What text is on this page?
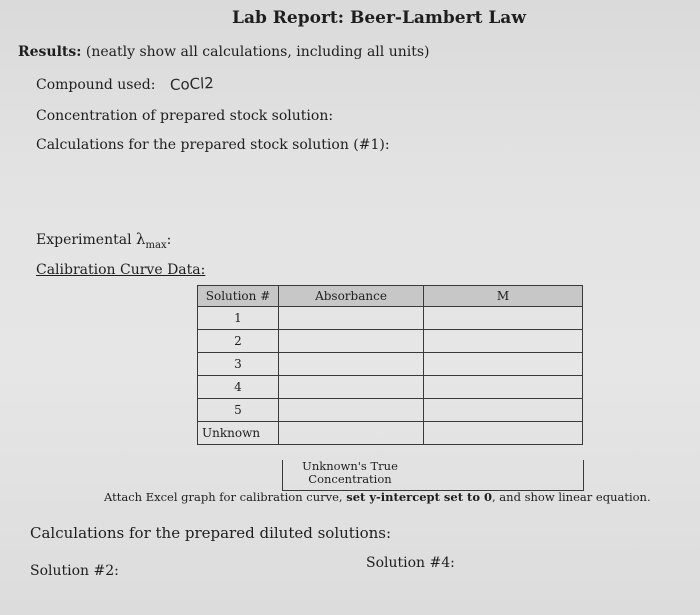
Lab Report: Beer-Lambert Law
Results: (neatly show all calculations, including all units)
Compound used: CoCl2
Concentration of prepared stock solution:
Calculations for the prepared stock solution (#1):
Experimental $\lambda_{max}$:
Calibration Curve Data:
Solution #	Absorbance	M
1		
2		
3		
4		
5		
Unknown		
Unknown's True Concentration
Attach Excel graph for calibration curve, set y-intercept set to 0, and show linear equation.
Calculations for the prepared diluted solutions:
Solution #2:	Solution #4:
